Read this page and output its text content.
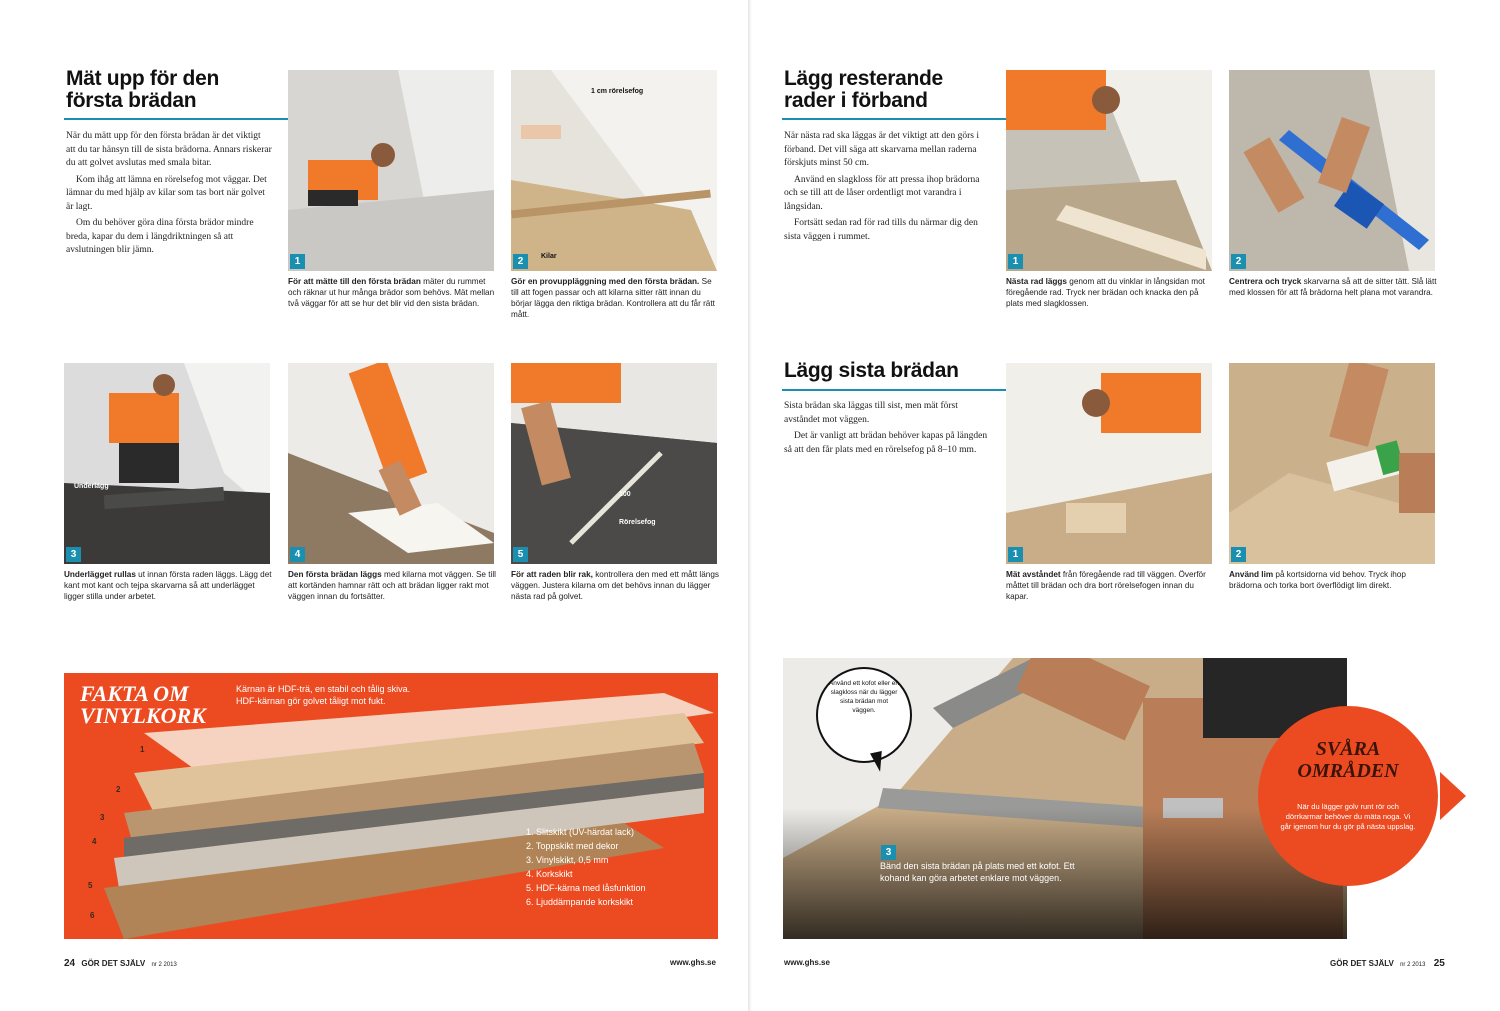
Mät upp för den
första brädan

När du mätt upp för den första brädan är det viktigt att du tar hänsyn till de sista brädorna. Annars riskerar du att golvet avslutas med smala bitar.

Kom ihåg att lämna en rörelsefog mot väggar. Det lämnar du med hjälp av kilar som tas bort när golvet är lagt.

Om du behöver göra dina första brädor mindre breda, kapar du dem i längdriktningen så att avslutningen blir jämn.

1
För att mätte till den första brädan mäter du rummet och räknar ut hur många brädor som behövs. Mät mellan två väggar för att se hur det blir vid den sista brädan.
1 cm rörelsefog
Kilar
2
Gör en provuppläggning med den första brädan. Se till att fogen passar och att kilarna sitter rätt innan du börjar lägga den riktiga brädan. Kontrollera att du får rätt mått.
Underlägg
3
Underlägget rullas ut innan första raden läggs. Lägg det kant mot kant och tejpa skarvarna så att underlägget ligger stilla under arbetet.
4
Den första brädan läggs med kilarna mot väggen. Se till att kortänden hamnar rätt och att brädan ligger rakt mot väggen innan du fortsätter.
100
Rörelsefog
5
För att raden blir rak, kontrollera den med ett mått längs väggen. Justera kilarna om det behövs innan du lägger nästa rad på golvet.
FAKTA OM
VINYLKORK
Kärnan är HDF-trä, en stabil och tålig skiva. HDF-kärnan gör golvet tåligt mot fukt.
1
2
3
4
5
6
1. Slitskikt (UV-härdat lack)
2. Toppskikt med dekor
3. Vinylskikt, 0,5 mm
4. Korkskikt
5. HDF-kärna med låsfunktion
6. Ljuddämpande korkskikt
24 GÖR DET SJÄLV nr 2 2013	www.ghs.se
Lägg resterande
rader i förband

När nästa rad ska läggas är det viktigt att den görs i förband. Det vill säga att skarvarna mellan raderna förskjuts minst 50 cm.

Använd en slagkloss för att pressa ihop brädorna och se till att de låser ordentligt mot varandra i långsidan.

Fortsätt sedan rad för rad tills du närmar dig den sista väggen i rummet.

Lägg sista brädan

Sista brädan ska läggas till sist, men mät först avståndet mot väggen.

Det är vanligt att brädan behöver kapas på längden så att den får plats med en rörelsefog på 8–10 mm.

1
Nästa rad läggs genom att du vinklar in långsidan mot föregående rad. Tryck ner brädan och knacka den på plats med slagklossen.
2
Centrera och tryck skarvarna så att de sitter tätt. Slå lätt med klossen för att få brädorna helt plana mot varandra.
1
Mät avståndet från föregående rad till väggen. Överför måttet till brädan och dra bort rörelsefogen innan du kapar.
2
Använd lim på kortsidorna vid behov. Tryck ihop brädorna och torka bort överflödigt lim direkt.
3
Bänd den sista brädan på plats med ett kofot. Ett kohand kan göra arbetet enklare mot väggen.
Använd ett kofot eller en slagkloss när du lägger sista brädan mot väggen.
SVÅRA
OMRÅDEN
När du lägger golv runt rör och dörrkarmar behöver du mäta noga. Vi går igenom hur du gör på nästa uppslag.
www.ghs.se	GÖR DET SJÄLV nr 2 2013 25
